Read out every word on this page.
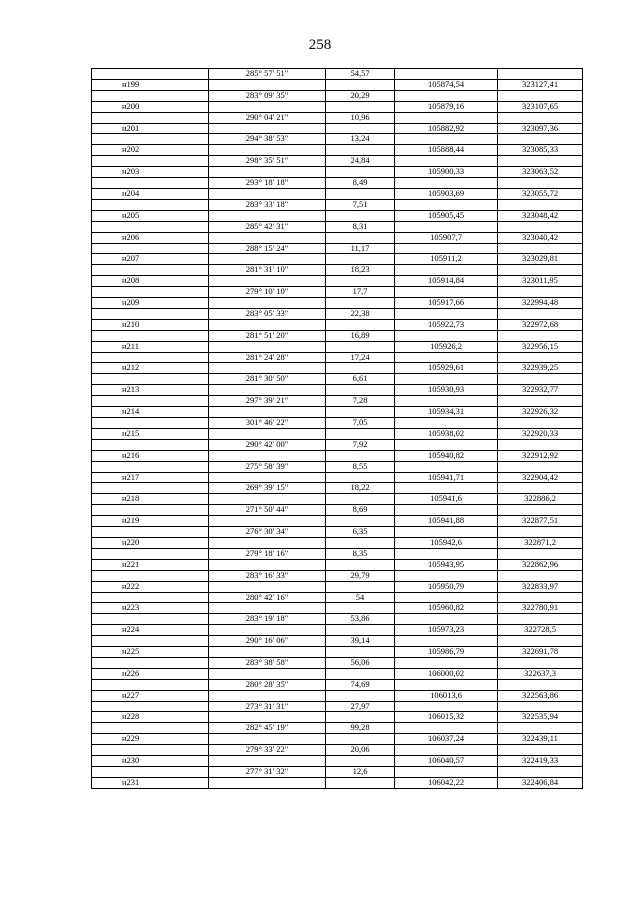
258
	285° 57' 51"	54,57		
н199			105874,54	323127,41
	283° 09' 35"	20,29		
н200			105879,16	323107,65
	290° 04' 21"	10,96		
н201			105882,92	323097,36
	294° 38' 53"	13,24		
н202			105888,44	323085,33
	298° 35' 51"	24,84		
н203			105900,33	323063,52
	293° 18' 18"	8,49		
н204			105903,69	323055,72
	283° 33' 18"	7,51		
н205			105905,45	323048,42
	285° 42' 31"	8,31		
н206			105907,7	323040,42
	288° 15' 24"	11,17		
н207			105911,2	323029,81
	281° 31' 10"	18,23		
н208			105914,84	323011,95
	279° 10' 10"	17,7		
н209			105917,66	322994,48
	283° 05' 33"	22,38		
н210			105922,73	322972,68
	281° 51' 20"	16,89		
н211			105926,2	322956,15
	281° 24' 28"	17,24		
н212			105929,61	322939,25
	281° 30' 50"	6,61		
н213			105930,93	322932,77
	297° 39' 21"	7,28		
н214			105934,31	322926,32
	301° 46' 22"	7,05		
н215			105938,02	322920,33
	290° 42' 00"	7,92		
н216			105940,82	322912,92
	275° 58' 39"	8,55		
н217			105941,71	322904,42
	269° 39' 15"	18,22		
н218			105941,6	322886,2
	271° 50' 44"	8,69		
н219			105941,88	322877,51
	276° 30' 34"	6,35		
н220			105942,6	322871,2
	279° 18' 16"	8,35		
н221			105943,95	322862,96
	283° 16' 33"	29,79		
н222			105950,79	322833,97
	280° 42' 16"	54		
н223			105960,82	322780,91
	283° 19' 18"	53,86		
н224			105973,23	322728,5
	290° 16' 06"	39,14		
н225			105986,79	322691,78
	283° 38' 58"	56,06		
н226			106000,02	322637,3
	280° 28' 35"	74,69		
н227			106013,6	322563,86
	273° 31' 31"	27,97		
н228			106015,32	322535,94
	282° 45' 19"	99,28		
н229			106037,24	322439,11
	279° 33' 22"	20,06		
н230			106040,57	322419,33
	277° 31' 32"	12,6		
н231			106042,22	322406,84
